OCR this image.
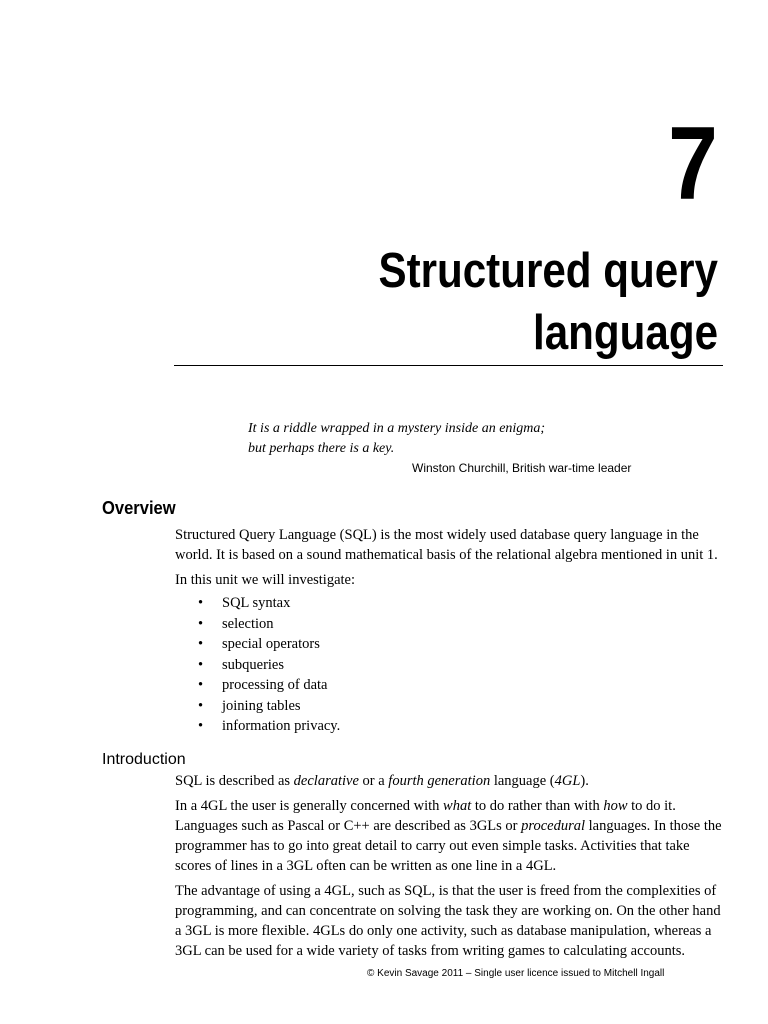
7
Structured query
language

It is a riddle wrapped in a mystery inside an enigma;

but perhaps there is a key.

Winston Churchill, British war-time leader
Overview

Structured Query Language (SQL) is the most widely used database query language in the world. It is based on a sound mathematical basis of the relational algebra mentioned in unit 1.

In this unit we will investigate:

• SQL syntax
• selection
• special operators
• subqueries
• processing of data
• joining tables
• information privacy.
Introduction

SQL is described as declarative or a fourth generation language (4GL).

In a 4GL the user is generally concerned with what to do rather than with how to do it. Languages such as Pascal or C++ are described as 3GLs or procedural languages. In those the programmer has to go into great detail to carry out even simple tasks. Activities that take scores of lines in a 3GL often can be written as one line in a 4GL.

The advantage of using a 4GL, such as SQL, is that the user is freed from the complexities of programming, and can concentrate on solving the task they are working on. On the other hand a 3GL is more flexible. 4GLs do only one activity, such as database manipulation, whereas a 3GL can be used for a wide variety of tasks from writing games to calculating accounts.

© Kevin Savage 2011 – Single user licence issued to Mitchell Ingall
